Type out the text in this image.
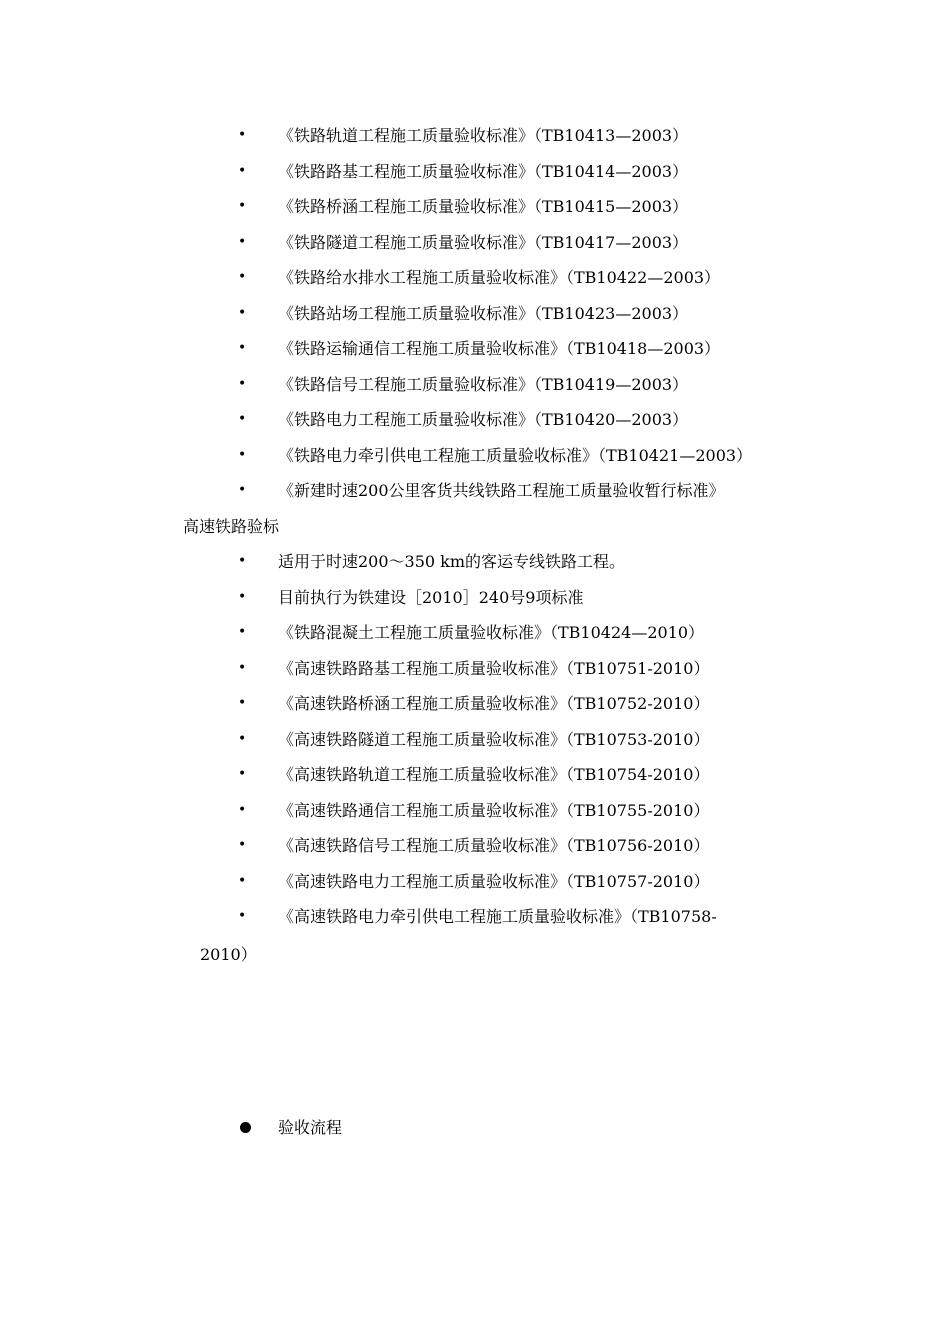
• 《铁路轨道工程施工质量验收标准》（TB10413—2003）
• 《铁路路基工程施工质量验收标准》（TB10414—2003）
• 《铁路桥涵工程施工质量验收标准》（TB10415—2003）
• 《铁路隧道工程施工质量验收标准》（TB10417—2003）
• 《铁路给水排水工程施工质量验收标准》（TB10422—2003）
• 《铁路站场工程施工质量验收标准》（TB10423—2003）
• 《铁路运输通信工程施工质量验收标准》（TB10418—2003）
• 《铁路信号工程施工质量验收标准》（TB10419—2003）
• 《铁路电力工程施工质量验收标准》（TB10420—2003）
• 《铁路电力牵引供电工程施工质量验收标准》（TB10421—2003）
• 《新建时速200公里客货共线铁路工程施工质量验收暂行标准》
高速铁路验标
• 适用于时速200～350 km的客运专线铁路工程。
• 目前执行为铁建设［2010］240号9项标准
• 《铁路混凝土工程施工质量验收标准》（TB10424—2010）
• 《高速铁路路基工程施工质量验收标准》（TB10751-2010）
• 《高速铁路桥涵工程施工质量验收标准》（TB10752-2010）
• 《高速铁路隧道工程施工质量验收标准》（TB10753-2010）
• 《高速铁路轨道工程施工质量验收标准》（TB10754-2010）
• 《高速铁路通信工程施工质量验收标准》（TB10755-2010）
• 《高速铁路信号工程施工质量验收标准》（TB10756-2010）
• 《高速铁路电力工程施工质量验收标准》（TB10757-2010）
• 《高速铁路电力牵引供电工程施工质量验收标准》（TB10758-
2010）
验收流程
